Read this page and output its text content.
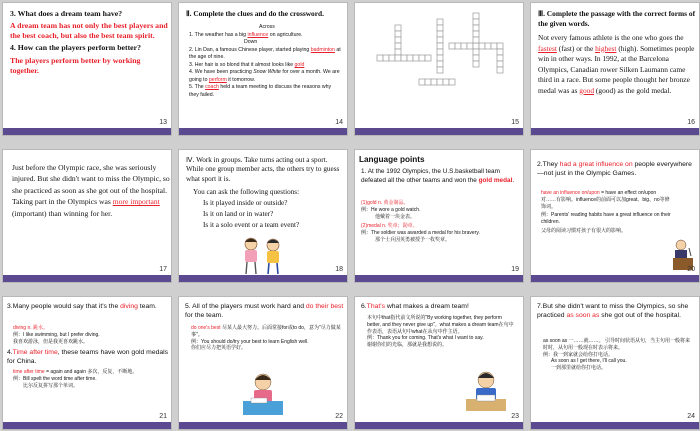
3. What does a dream team have?
A dream team has not only the best players and the best coach, but also the best team spirit.
4. How can the players perform better?
The players perform better by working together.
13
Ⅱ. Complete the clues and do the crossword.
Across
1. The weather has a big influence on agriculture.
Down
2. Lin Dan, a famous Chinese player, started playing badminton at the age of nine.
3. Her hair is so blond that it almost looks like gold
4. We have been practicing Snow White for over a month. We are going to perform it tomorrow.
5. The coach held a team meeting to discuss the reasons why they failed.
14	15
Ⅲ. Complete the passage with the correct forms of the given words.
Not every famous athlete is the one who goes the fastest (fast) or the highest (high). Sometimes people win in other ways. In 1992, at the Barcelona Olympics, Canadian rower Silken Laumann came third in a race. But some people thought her bronze medal was as good (good) as the gold medal.
16
Just before the Olympic race, she was seriously injured. But she didn't want to miss the Olympic, so she practiced as soon as she got out of the hospital. Taking part in the Olympics was more important (important) than winning for her.
17
Ⅳ. Work in groups. Take turns acting out a sport. While one group member acts, the others try to guess what sport it is.
You can ask the following questions:
Is it played inside or outside?
Is it on land or in water?
Is it a solo event or a team event?
18
Language points
1. At the 1992 Olympics, the U.S.basketball team defeated all the other teams and won the gold medal.
(1)gold n. 黄金制品。
例：He wore a gold watch.
他戴着一块金表。
(2)medal n. 奖章；勋章。
例：The soldier was awarded a medal for his bravery.
那个士兵因英勇被授予一枚奖章。
19
2.They had a great influence on people everywhere—not just in the Olympic Games.
have an influence on/upon = have an effect on/upon 对……有影响。influence的前面可以加great、big、no等修饰词。
例：Parents' reading habits have a great influence on their children.
父母的阅读习惯对孩子有很大的影响。
20
3.Many people would say that it's the diving team.
diving n. 跳水。
例：I like swimming, but I prefer diving.
我喜欢游泳，但是我更喜欢跳水。
4.Time after time, these teams have won gold medals for China.
time after time = again and again 多次，反复，不断地。
例：Bill spelt the word time after time.
比尔反复拼写那个单词。
21
5. All of the players must work hard and do their best for the team.
do one's best 尽某人最大努力。后面常接for或to do，意为"尽力做某事"。
例：You should do/try your best to learn English well.
你们应尽力把英语学好。
22
6.That's what makes a dream team!
本句中that指代前文所说的"By working together, they perform better, and they never give up"。what makes a dream team在句中作表语，表语从句中what在从句中作主语。
例：Thank you for coming. That's what I want to say.
谢谢你们的光临，那就是我想说的。
23
7.But she didn't want to miss the Olympics, so she practiced as soon as she got out of the hospital.
as soon as 一……就……。 引导时间状语从句，当主句用一般将来时时，从句用一般现在时表示将来。
例：我一到家就会给你打电话。
As soon as I get there, I'll call you.
一到那里就给你打电话。
24
